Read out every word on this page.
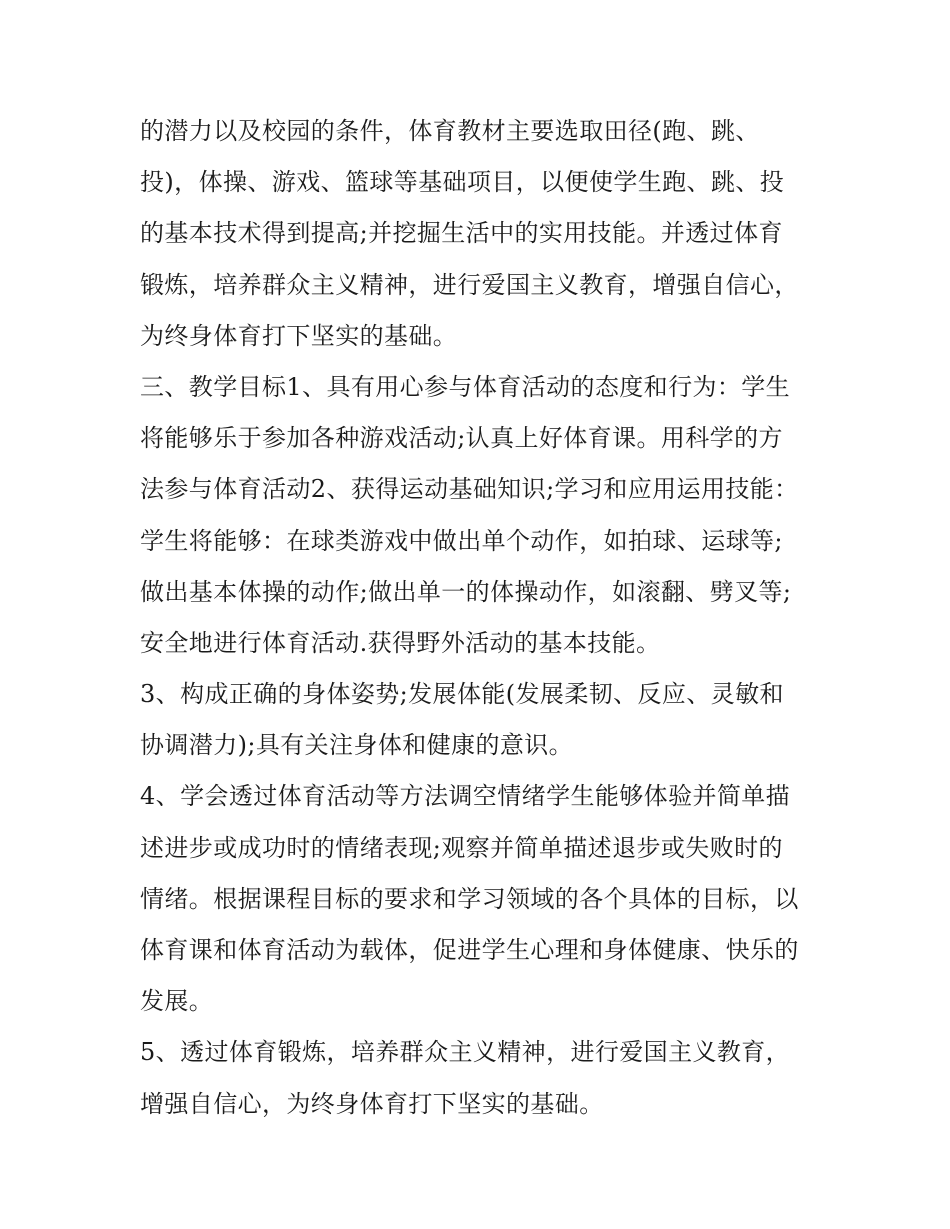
的潜力以及校园的条件，体育教材主要选取田径(跑、跳、
投)，体操、游戏、篮球等基础项目，以便使学生跑、跳、投
的基本技术得到提高;并挖掘生活中的实用技能。并透过体育
锻炼，培养群众主义精神，进行爱国主义教育，增强自信心，
为终身体育打下坚实的基础。
三、教学目标1、具有用心参与体育活动的态度和行为：学生
将能够乐于参加各种游戏活动;认真上好体育课。用科学的方
法参与体育活动2、获得运动基础知识;学习和应用运用技能：
学生将能够：在球类游戏中做出单个动作，如拍球、运球等;
做出基本体操的动作;做出单一的体操动作，如滚翻、劈叉等;
安全地进行体育活动.获得野外活动的基本技能。
3、构成正确的身体姿势;发展体能(发展柔韧、反应、灵敏和
协调潜力);具有关注身体和健康的意识。
4、学会透过体育活动等方法调空情绪学生能够体验并简单描
述进步或成功时的情绪表现;观察并简单描述退步或失败时的
情绪。根据课程目标的要求和学习领域的各个具体的目标，以
体育课和体育活动为载体，促进学生心理和身体健康、快乐的
发展。
5、透过体育锻炼，培养群众主义精神，进行爱国主义教育，
增强自信心，为终身体育打下坚实的基础。
